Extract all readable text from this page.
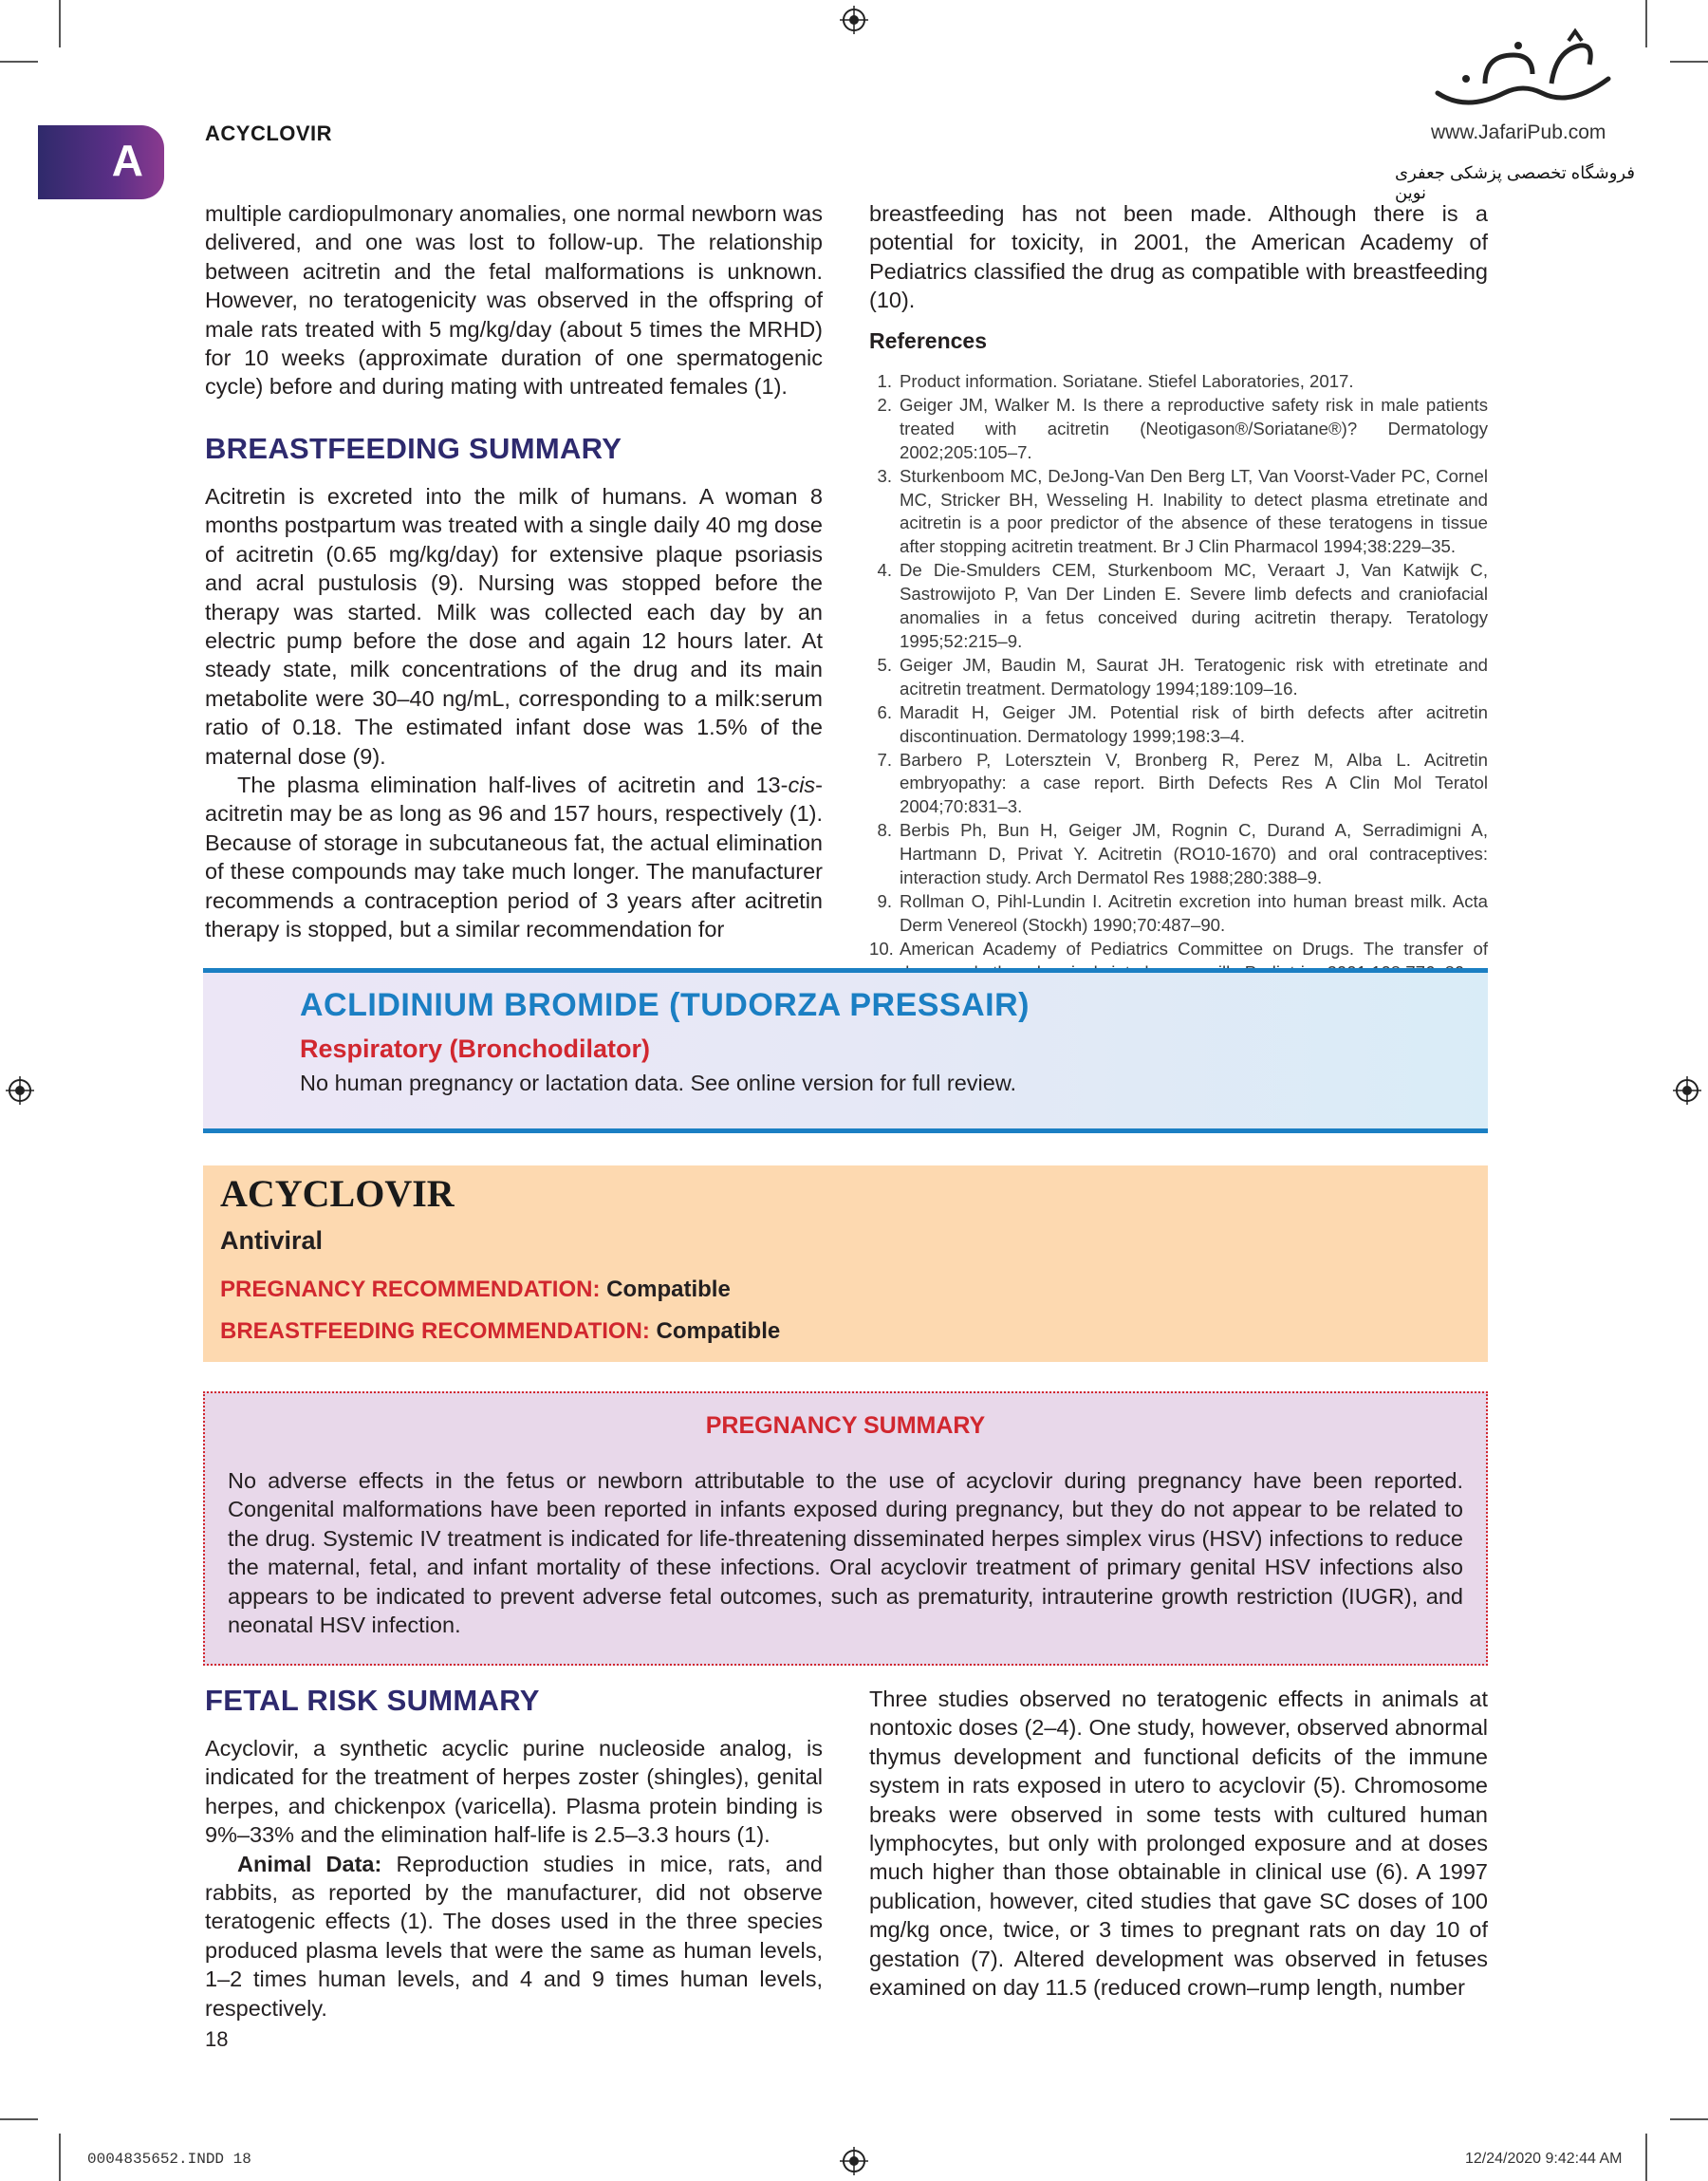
A
ACYCLOVIR	www.JafariPub.com
فروشگاه تخصصی پزشکی جعفری نوین

multiple cardiopulmonary anomalies, one normal newborn was delivered, and one was lost to follow-up. The relationship between acitretin and the fetal malformations is unknown. However, no teratogenicity was observed in the offspring of male rats treated with 5 mg/kg/day (about 5 times the MRHD) for 10 weeks (approximate duration of one spermatogenic cycle) before and during mating with untreated females (1).

BREASTFEEDING SUMMARY

Acitretin is excreted into the milk of humans. A woman 8 months postpartum was treated with a single daily 40 mg dose of acitretin (0.65 mg/kg/day) for extensive plaque psoriasis and acral pustulosis (9). Nursing was stopped before the therapy was started. Milk was collected each day by an electric pump before the dose and again 12 hours later. At steady state, milk concentrations of the drug and its main metabolite were 30–40 ng/mL, corresponding to a milk:serum ratio of 0.18. The estimated infant dose was 1.5% of the maternal dose (9).

The plasma elimination half-lives of acitretin and 13-cis-acitretin may be as long as 96 and 157 hours, respectively (1). Because of storage in subcutaneous fat, the actual elimination of these compounds may take much longer. The manufacturer recommends a contraception period of 3 years after acitretin therapy is stopped, but a similar recommendation for

breastfeeding has not been made. Although there is a potential for toxicity, in 2001, the American Academy of Pediatrics classified the drug as compatible with breastfeeding (10).

References
1. Product information. Soriatane. Stiefel Laboratories, 2017.
2. Geiger JM, Walker M. Is there a reproductive safety risk in male patients treated with acitretin (Neotigason®/Soriatane®)? Dermatology 2002;205:105–7.
3. Sturkenboom MC, DeJong-Van Den Berg LT, Van Voorst-Vader PC, Cornel MC, Stricker BH, Wesseling H. Inability to detect plasma etretinate and acitretin is a poor predictor of the absence of these teratogens in tissue after stopping acitretin treatment. Br J Clin Pharmacol 1994;38:229–35.
4. De Die-Smulders CEM, Sturkenboom MC, Veraart J, Van Katwijk C, Sastrowijoto P, Van Der Linden E. Severe limb defects and craniofacial anomalies in a fetus conceived during acitretin therapy. Teratology 1995;52:215–9.
5. Geiger JM, Baudin M, Saurat JH. Teratogenic risk with etretinate and acitretin treatment. Dermatology 1994;189:109–16.
6. Maradit H, Geiger JM. Potential risk of birth defects after acitretin discontinuation. Dermatology 1999;198:3–4.
7. Barbero P, Lotersztein V, Bronberg R, Perez M, Alba L. Acitretin embryopathy: a case report. Birth Defects Res A Clin Mol Teratol 2004;70:831–3.
8. Berbis Ph, Bun H, Geiger JM, Rognin C, Durand A, Serradimigni A, Hartmann D, Privat Y. Acitretin (RO10-1670) and oral contraceptives: interaction study. Arch Dermatol Res 1988;280:388–9.
9. Rollman O, Pihl-Lundin I. Acitretin excretion into human breast milk. Acta Derm Venereol (Stockh) 1990;70:487–90.
10. American Academy of Pediatrics Committee on Drugs. The transfer of
ACLIDINIUM BROMIDE (TUDORZA PRESSAIR)
Respiratory (Bronchodilator)
No human pregnancy or lactation data. See online version for full review.
ACYCLOVIR
Antiviral
PREGNANCY RECOMMENDATION: Compatible
BREASTFEEDING RECOMMENDATION: Compatible
PREGNANCY SUMMARY
No adverse effects in the fetus or newborn attributable to the use of acyclovir during pregnancy have been reported. Congenital malformations have been reported in infants exposed during pregnancy, but they do not appear to be related to the drug. Systemic IV treatment is indicated for life-threatening disseminated herpes simplex virus (HSV) infections to reduce the maternal, fetal, and infant mortality of these infections. Oral acyclovir treatment of primary genital HSV infections also appears to be indicated to prevent adverse fetal outcomes, such as prematurity, intrauterine growth restriction (IUGR), and neonatal HSV infection.
FETAL RISK SUMMARY

Acyclovir, a synthetic acyclic purine nucleoside analog, is indicated for the treatment of herpes zoster (shingles), genital herpes, and chickenpox (varicella). Plasma protein binding is 9%–33% and the elimination half-life is 2.5–3.3 hours (1).

Animal Data: Reproduction studies in mice, rats, and rabbits, as reported by the manufacturer, did not observe teratogenic effects (1). The doses used in the three species produced plasma levels that were the same as human levels, 1–2 times human levels, and 4 and 9 times human levels, respectively.

Three studies observed no teratogenic effects in animals at nontoxic doses (2–4). One study, however, observed abnormal thymus development and functional deficits of the immune system in rats exposed in utero to acyclovir (5). Chromosome breaks were observed in some tests with cultured human lymphocytes, but only with prolonged exposure and at doses much higher than those obtainable in clinical use (6). A 1997 publication, however, cited studies that gave SC doses of 100 mg/kg once, twice, or 3 times to pregnant rats on day 10 of gestation (7). Altered development was observed in fetuses examined on day 11.5 (reduced crown–rump length, number

18
0004835652.INDD 18	12/24/2020 9:42:44 AM
